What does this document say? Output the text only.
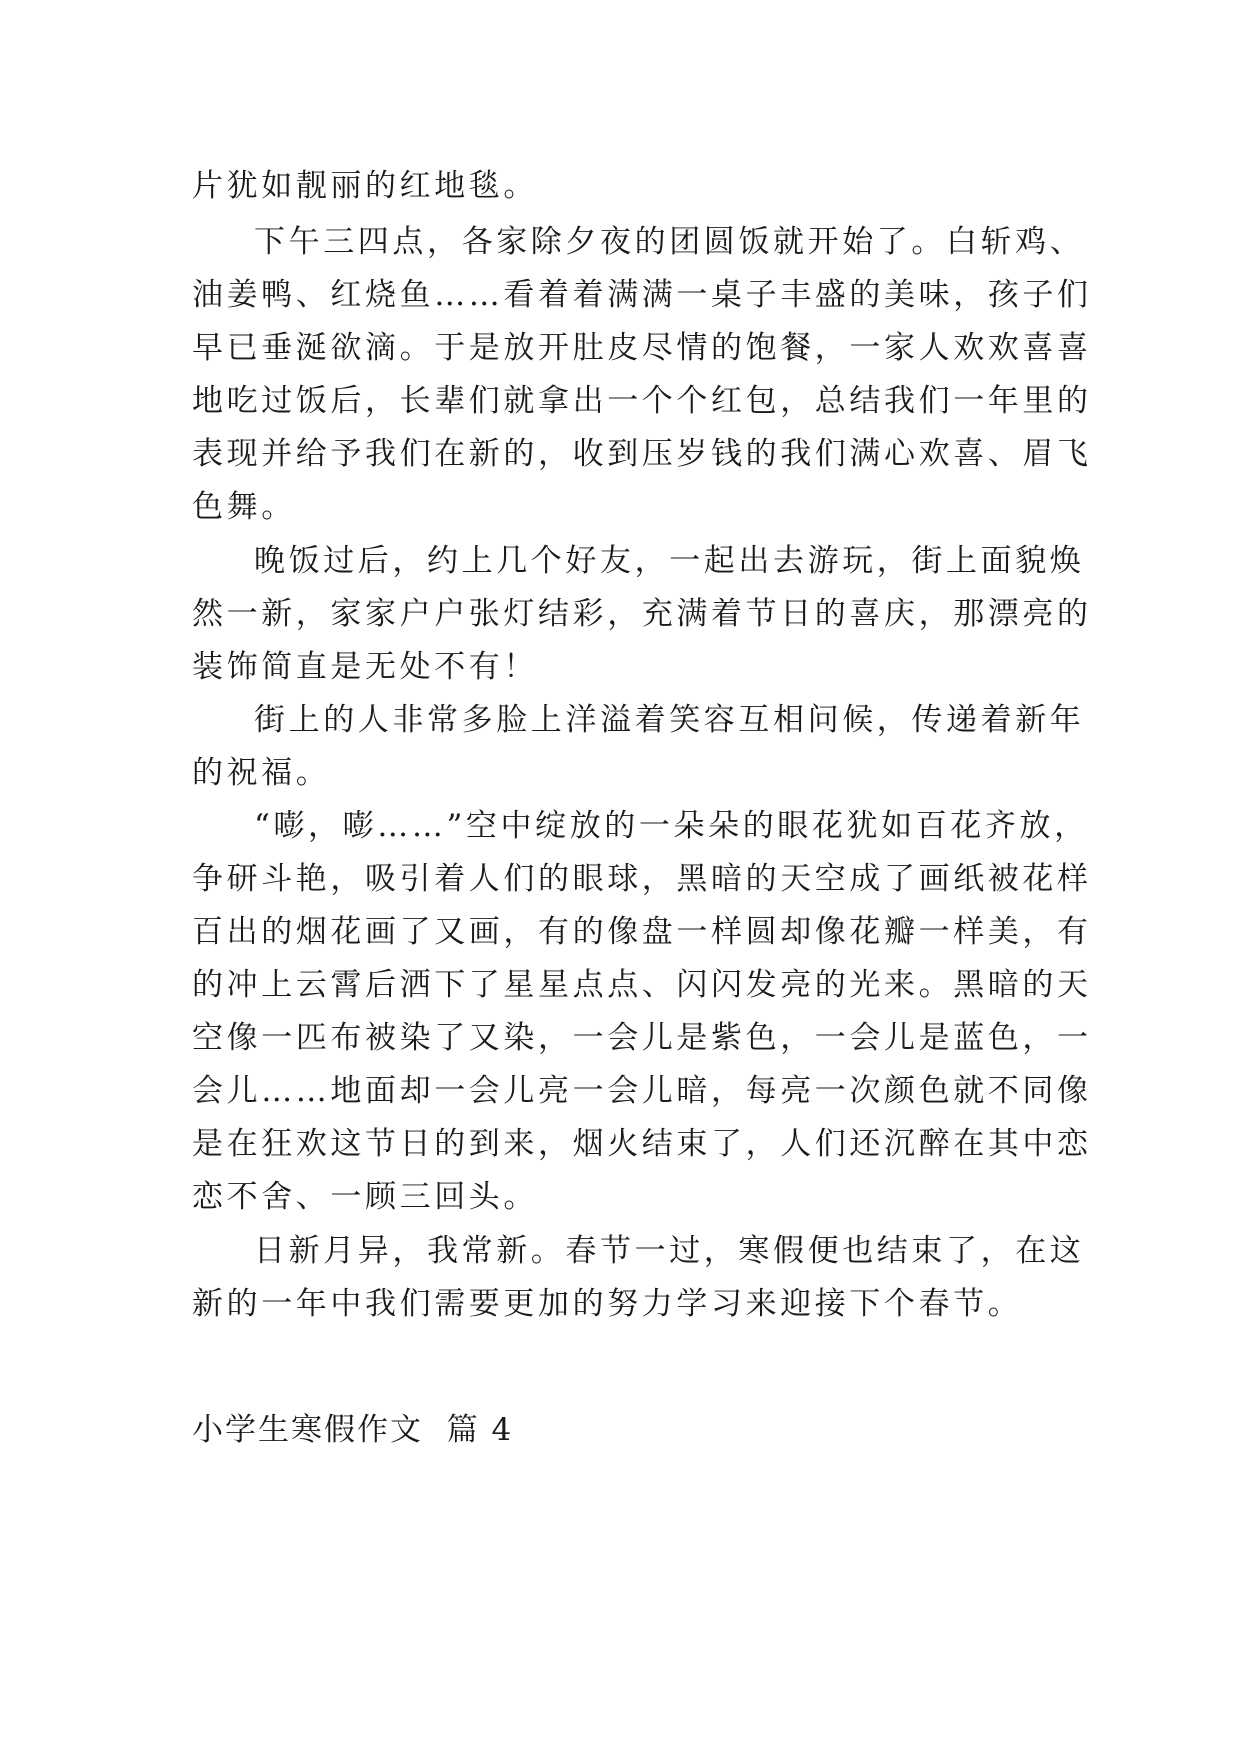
片犹如靓丽的红地毯。
下午三四点，各家除夕夜的团圆饭就开始了。白斩鸡、
油姜鸭、红烧鱼……看着着满满一桌子丰盛的美味，孩子们
早已垂涎欲滴。于是放开肚皮尽情的饱餐，一家人欢欢喜喜
地吃过饭后，长辈们就拿出一个个红包，总结我们一年里的
表现并给予我们在新的，收到压岁钱的我们满心欢喜、眉飞
色舞。
晚饭过后，约上几个好友，一起出去游玩，街上面貌焕
然一新，家家户户张灯结彩，充满着节日的喜庆，那漂亮的
装饰简直是无处不有！
街上的人非常多脸上洋溢着笑容互相问候，传递着新年
的祝福。
“嘭，嘭……”空中绽放的一朵朵的眼花犹如百花齐放，
争研斗艳，吸引着人们的眼球，黑暗的天空成了画纸被花样
百出的烟花画了又画，有的像盘一样圆却像花瓣一样美，有
的冲上云霄后洒下了星星点点、闪闪发亮的光来。黑暗的天
空像一匹布被染了又染，一会儿是紫色，一会儿是蓝色，一
会儿……地面却一会儿亮一会儿暗，每亮一次颜色就不同像
是在狂欢这节日的到来，烟火结束了，人们还沉醉在其中恋
恋不舍、一顾三回头。
日新月异，我常新。春节一过，寒假便也结束了，在这
新的一年中我们需要更加的努力学习来迎接下个春节。
小学生寒假作文  篇 4
